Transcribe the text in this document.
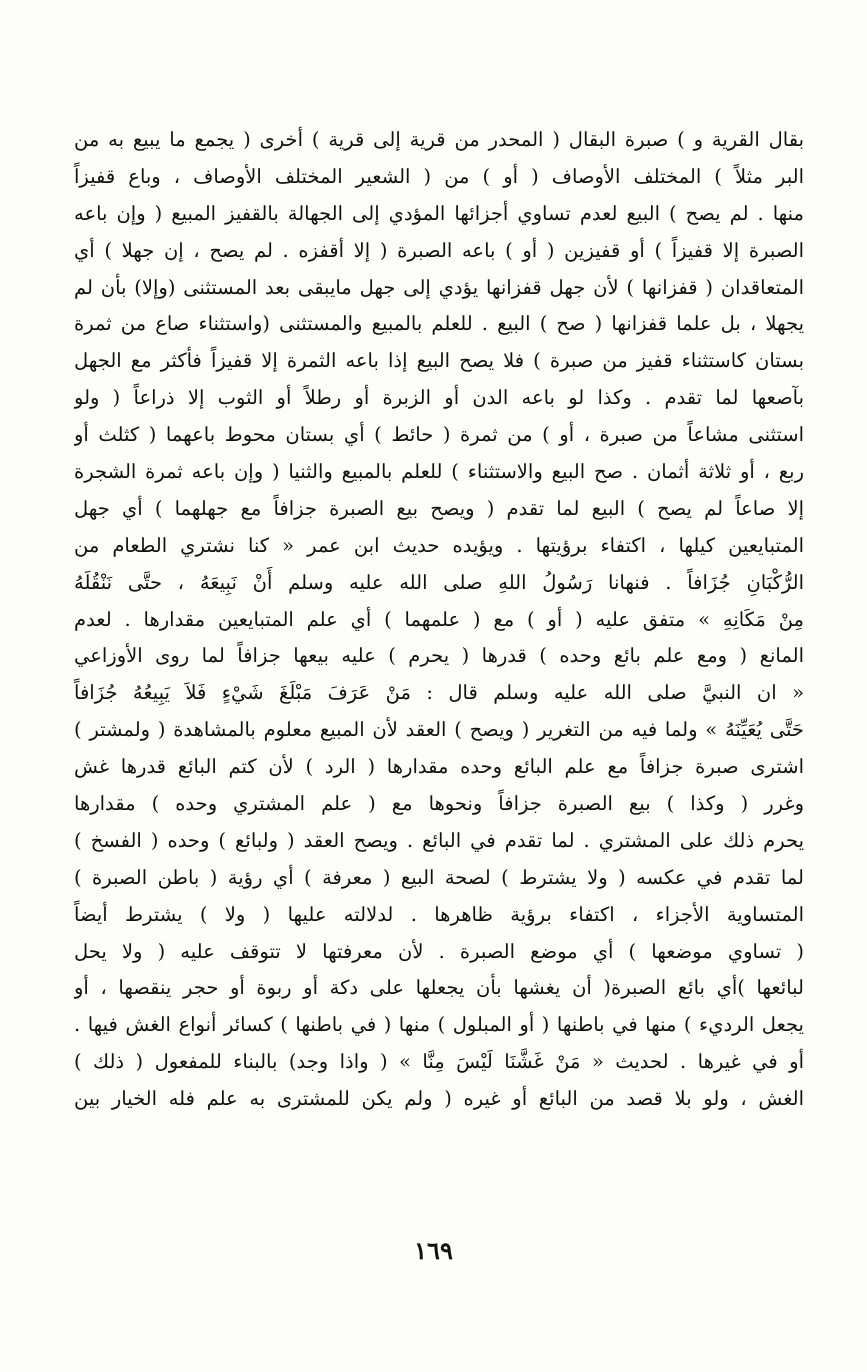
بقال القرية و ) صبرة البقال ( المحدر من قرية إلى قرية ) أخرى ( يجمع ما يبيع به من
البر مثلاً ) المختلف الأوصاف ( أو ) من ( الشعير المختلف الأوصاف ، وباع قفيزاً
منها . لم يصح ) البيع لعدم تساوي أجزائها المؤدي إلى الجهالة بالقفيز المبيع ( وإن باعه
الصبرة إلا قفيزاً ) أو قفيزين ( أو ) باعه الصبرة ( إلا أقفزه . لم يصح ، إن جهلا ) أي
المتعاقدان ( قفزانها ) لأن جهل قفزانها يؤدي إلى جهل مايبقى بعد المستثنى (وإلا) بأن لم
يجهلا ، بل علما قفزانها ( صح ) البيع . للعلم بالمبيع والمستثنى (واستثناء صاع من ثمرة
بستان كاستثناء قفيز من صبرة ) فلا يصح البيع إذا باعه الثمرة إلا قفيزاً فأكثر مع الجهل
بآصعها لما تقدم . وكذا لو باعه الدن أو الزبرة أو رطلاً أو الثوب إلا ذراعاً ( ولو
استثنى مشاعاً من صبرة ، أو ) من ثمرة ( حائط ) أي بستان محوط باعهما ( كثلث أو
ربع ، أو ثلاثة أثمان . صح البيع والاستثناء ) للعلم بالمبيع والثنيا ( وإن باعه ثمرة الشجرة
إلا صاعاً لم يصح ) البيع لما تقدم ( ويصح بيع الصبرة جزافاً مع جهلهما ) أي جهل
المتبايعين كيلها ، اكتفاء برؤيتها . ويؤيده حديث ابن عمر « كنا نشتري الطعام من
الرُّكْبَانِ جُزَافاً . فنهانا رَسُولُ اللهِ صلى الله عليه وسلم أَنْ نَبِيعَهُ ، حتَّى نَنْقُلَهُ
مِنْ مَكَانِهِ » متفق عليه ( أو ) مع ( علمهما ) أي علم المتبايعين مقدارها . لعدم
المانع ( ومع علم بائع وحده ) قدرها ( يحرم ) عليه بيعها جزافاً لما روى الأوزاعي
« ان النبيَّ صلى الله عليه وسلم قال : مَنْ عَرَفَ مَبْلَغَ شَيْءٍ فَلاَ يَبِيعُهُ جُزَافاً
حَتَّى يُعَيِّنَهُ » ولما فيه من التغرير ( ويصح ) العقد لأن المبيع معلوم بالمشاهدة ( ولمشتر )
اشترى صبرة جزافاً مع علم البائع وحده مقدارها ( الرد ) لأن كتم البائع قدرها غش
وغرر ( وكذا ) بيع الصبرة جزافاً ونحوها مع ( علم المشتري وحده ) مقدارها
يحرم ذلك على المشتري . لما تقدم في البائع . ويصح العقد ( ولبائع ) وحده ( الفسخ )
لما تقدم في عكسه ( ولا يشترط ) لصحة البيع ( معرفة ) أي رؤية ( باطن الصبرة )
المتساوية الأجزاء ، اكتفاء برؤية ظاهرها . لدلالته عليها ( ولا ) يشترط أيضاً
( تساوي موضعها ) أي موضع الصبرة . لأن معرفتها لا تتوقف عليه ( ولا يحل
لبائعها )أي بائع الصبرة( أن يغشها بأن يجعلها على دكة أو ربوة أو حجر ينقصها ، أو
يجعل الرديء ) منها في باطنها ( أو المبلول ) منها ( في باطنها ) كسائر أنواع الغش فيها .
أو في غيرها . لحديث « مَنْ غَشَّنَا لَيْسَ مِنَّا » ( واذا وجد) بالبناء للمفعول ( ذلك )
الغش ، ولو بلا قصد من البائع أو غيره ( ولم يكن للمشترى به علم فله الخيار بين
١٦٩
